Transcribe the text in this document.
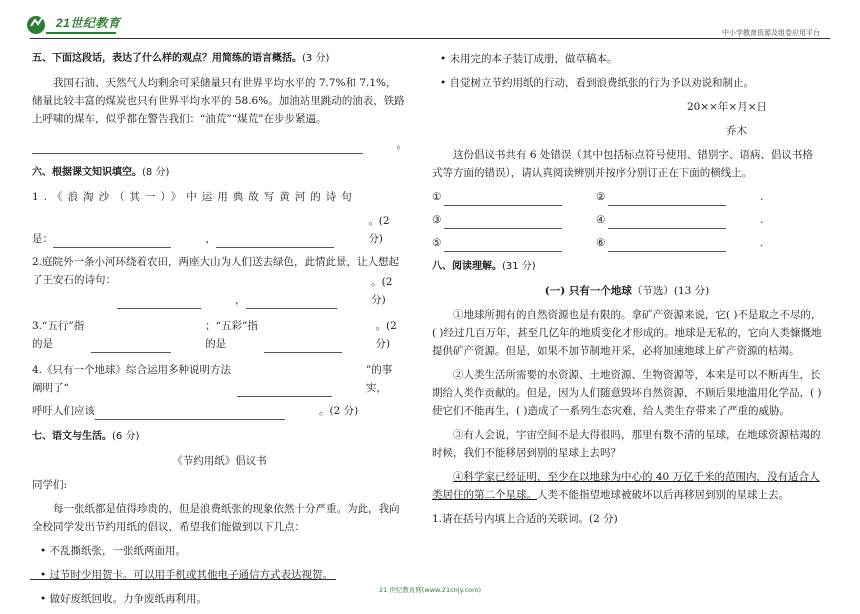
21世纪教育
中小学教育资源及组卷应用平台

五、下面这段话，表达了什么样的观点？用简练的语言概括。(3 分)

我国石油、天然气人均剩余可采储量只有世界平均水平的 7.7%和 7.1%，储量比较丰富的煤炭也只有世界平均水平的 58.6%。加油站里跳动的油表，铁路上呼啸的煤车，似乎都在警告我们：“油荒”“煤荒”在步步紧逼。

。

六、根据课文知识填空。(8 分)

1.《浪淘沙（其一）》中运用典故写黄河的诗句

是：	，
。(2 分)

2.庭院外一条小河环绕着农田，两座大山为人们送去绿色，此情此景，让人想起了王安石的诗句：

，
。(2 分)
3.“五行”指的是
；“五彩”指的是
。(2 分)
4.《只有一个地球》综合运用多种说明方法阐明了“
”的事实，
呼吁人们应该	。(2 分)

七、语文与生活。(6 分)

《节约用纸》倡议书

同学们:

每一张纸都是值得珍贵的，但是浪费纸张的现象依然十分严重。为此，我向全校同学发出节约用纸的倡议，希望我们能做到以下几点：

• 不乱撕纸张，一张纸两面用。

• 过节时少用贺卡。可以用手机或其他电子通信方式表达视贺。

• 做好废纸回收。力争废纸再利用。

• 未用完的本子装订成册，做草稿本。

• 自觉树立节约用纸的行动，看到浪费纸张的行为予以劝说和制止。

20××年×月×日

乔木

这份倡议书共有 6 处错误（其中包括标点符号使用、错别字、语病、倡议书格式等方面的错误），请认真阅读辨别并按序分别订正在下面的横线上。

①	②	.
③	④	.
⑤	⑥	.

八、阅读理解。(31 分)

(一) 只有一个地球（节选）(13 分)

①地球所拥有的自然资源也是有限的。拿矿产资源来说，它( )不是取之不尽的，( )经过几百万年，甚至几亿年的地质变化才形成的。地球是无私的，它向人类慷慨地提供矿产资源。但是，如果不加节制地开采，必将加速地球上矿产资源的枯竭。

②人类生活所需要的水资源、土地资源、生物资源等，本来是可以不断再生，长期给人类作贡献的。但是，因为人们随意毁坏自然资源，不顾后果地滥用化学品，( )使它们不能再生，( )造成了一系列生态灾难，给人类生存带来了严重的威胁。

③有人会说，宇宙空间不是大得很吗，那里有数不清的星球，在地球资源枯竭的时候，我们不能移居到别的星球上去吗？

④科学家已经证明，至少在以地球为中心的 40 万亿千米的范围内，没有适合人类居住的第二个星球。人类不能指望地球被破坏以后再移居到别的星球上去。

1.请在括号内填上合适的关联词。(2 分)

21 世纪教育网(www.21cnjy.com)
